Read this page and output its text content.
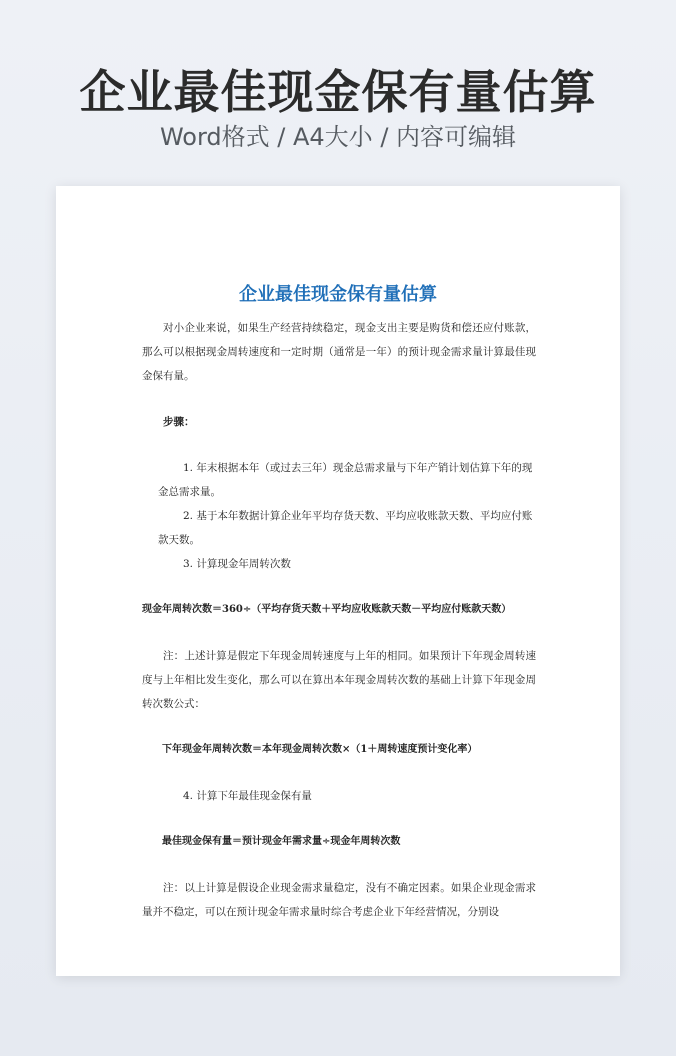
企业最佳现金保有量估算
Word格式 / A4大小 / 内容可编辑
企业最佳现金保有量估算

对小企业来说，如果生产经营持续稳定，现金支出主要是购货和偿还应付账款，那么可以根据现金周转速度和一定时期（通常是一年）的预计现金需求量计算最佳现金保有量。

步骤：

1. 年末根据本年（或过去三年）现金总需求量与下年产销计划估算下年的现金总需求量。

2. 基于本年数据计算企业年平均存货天数、平均应收账款天数、平均应付账款天数。

3. 计算现金年周转次数

现金年周转次数＝360÷（平均存货天数＋平均应收账款天数－平均应付账款天数）

注：上述计算是假定下年现金周转速度与上年的相同。如果预计下年现金周转速度与上年相比发生变化，那么可以在算出本年现金周转次数的基础上计算下年现金周转次数公式：

下年现金年周转次数＝本年现金周转次数×（1＋周转速度预计变化率）

4. 计算下年最佳现金保有量

最佳现金保有量＝预计现金年需求量÷现金年周转次数

注：以上计算是假设企业现金需求量稳定，没有不确定因素。如果企业现金需求量并不稳定，可以在预计现金年需求量时综合考虑企业下年经营情况，分别设
